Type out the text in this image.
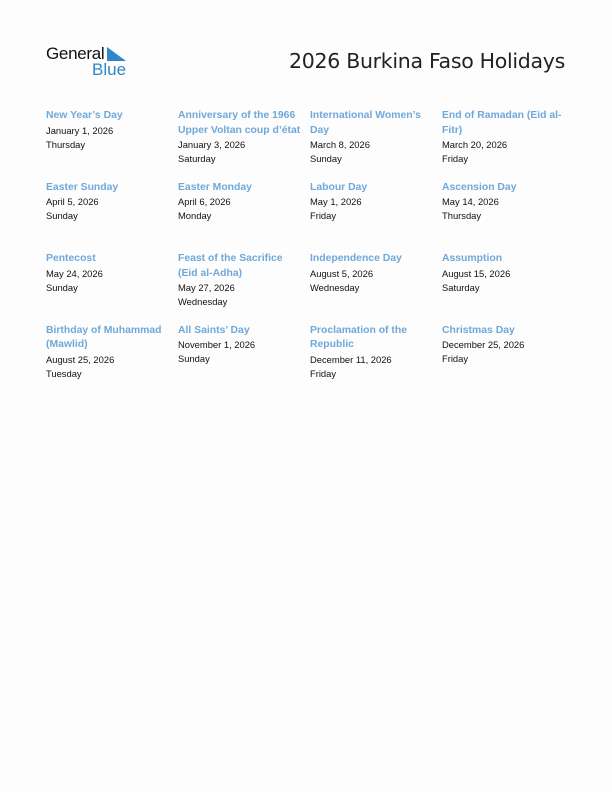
General
Blue	2026 Burkina Faso Holidays
New Year’s Day
January 1, 2026
Thursday
Anniversary of the 1966 Upper Voltan coup d’état
January 3, 2026
Saturday
International Women’s Day
March 8, 2026
Sunday
End of Ramadan (Eid al-Fitr)
March 20, 2026
Friday
Easter Sunday
April 5, 2026
Sunday
Easter Monday
April 6, 2026
Monday
Labour Day
May 1, 2026
Friday
Ascension Day
May 14, 2026
Thursday
Pentecost
May 24, 2026
Sunday
Feast of the Sacrifice (Eid al-Adha)
May 27, 2026
Wednesday
Independence Day
August 5, 2026
Wednesday
Assumption
August 15, 2026
Saturday
Birthday of Muhammad (Mawlid)
August 25, 2026
Tuesday
All Saints’ Day
November 1, 2026
Sunday
Proclamation of the Republic
December 11, 2026
Friday
Christmas Day
December 25, 2026
Friday
